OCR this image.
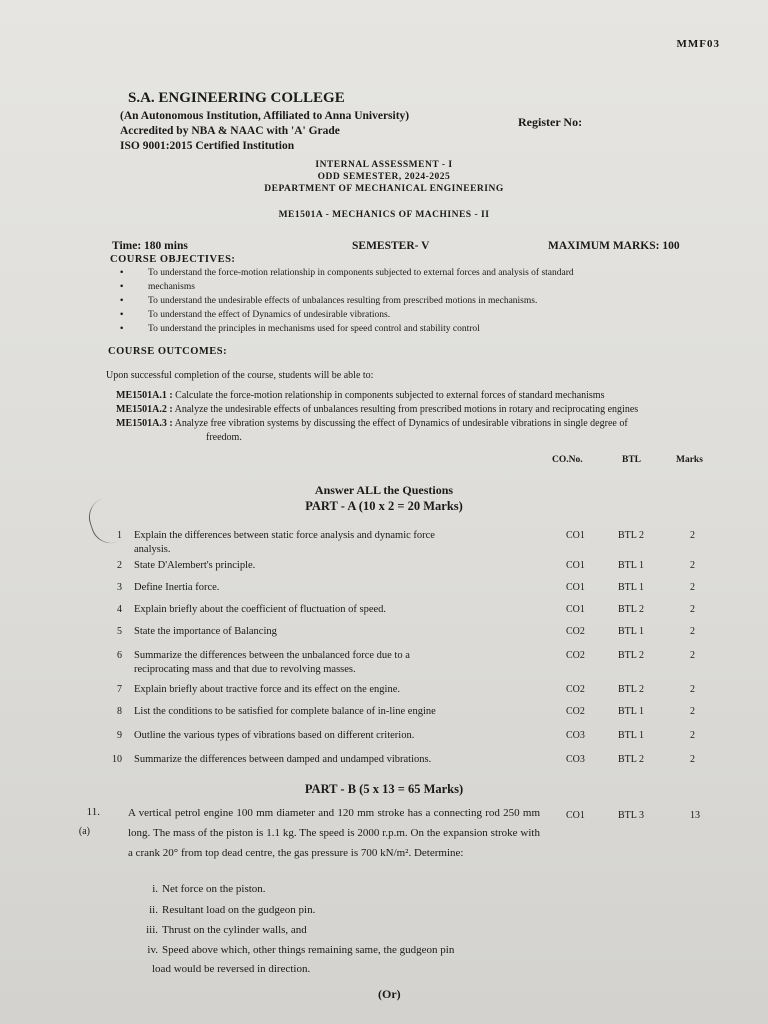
MMF03
S.A. ENGINEERING COLLEGE
(An Autonomous Institution, Affiliated to Anna University)
Accredited by NBA & NAAC with 'A' Grade
ISO 9001:2015 Certified Institution
Register No:
INTERNAL ASSESSMENT - I
ODD SEMESTER, 2024-2025
DEPARTMENT OF MECHANICAL ENGINEERING
ME1501A - MECHANICS OF MACHINES - II
Time: 180 mins	SEMESTER- V	MAXIMUM MARKS: 100
COURSE OBJECTIVES:
• To understand the force-motion relationship in components subjected to external forces and analysis of standard
• mechanisms
• To understand the undesirable effects of unbalances resulting from prescribed motions in mechanisms.
• To understand the effect of Dynamics of undesirable vibrations.
• To understand the principles in mechanisms used for speed control and stability control
COURSE OUTCOMES:
Upon successful completion of the course, students will be able to:
ME1501A.1 : Calculate the force-motion relationship in components subjected to external forces of standard mechanisms
ME1501A.2 : Analyze the undesirable effects of unbalances resulting from prescribed motions in rotary and reciprocating engines
ME1501A.3 : Analyze free vibration systems by discussing the effect of Dynamics of undesirable vibrations in single degree of
freedom.
CO.No.	BTL	Marks
Answer ALL the Questions
PART - A (10 x 2 = 20 Marks)
1 Explain the differences between static force analysis and dynamic force
analysis.
CO1	BTL 2	2
2 State D'Alembert's principle.	CO1	BTL 1	2
3 Define Inertia force.	CO1	BTL 1	2
4 Explain briefly about the coefficient of fluctuation of speed.	CO1	BTL 2	2
5 State the importance of Balancing	CO2	BTL 1	2
6 Summarize the differences between the unbalanced force due to a
reciprocating mass and that due to revolving masses.
CO2	BTL 2	2
7 Explain briefly about tractive force and its effect on the engine.	CO2	BTL 2	2
8 List the conditions to be satisfied for complete balance of in-line engine	CO2	BTL 1	2
9 Outline the various types of vibrations based on different criterion.	CO3	BTL 1	2
10 Summarize the differences between damped and undamped vibrations.	CO3	BTL 2	2
PART - B (5 x 13 = 65 Marks)
11.
(a)
A vertical petrol engine 100 mm diameter and 120 mm stroke has a connecting rod 250 mm long. The mass of the piston is 1.1 kg. The speed is 2000 r.p.m. On the expansion stroke with a crank 20° from top dead centre, the gas pressure is 700 kN/m². Determine:
CO1	BTL 3	13
i. Net force on the piston.
ii. Resultant load on the gudgeon pin.
iii. Thrust on the cylinder walls, and
iv. Speed above which, other things remaining same, the gudgeon pin
load would be reversed in direction.
(Or)
